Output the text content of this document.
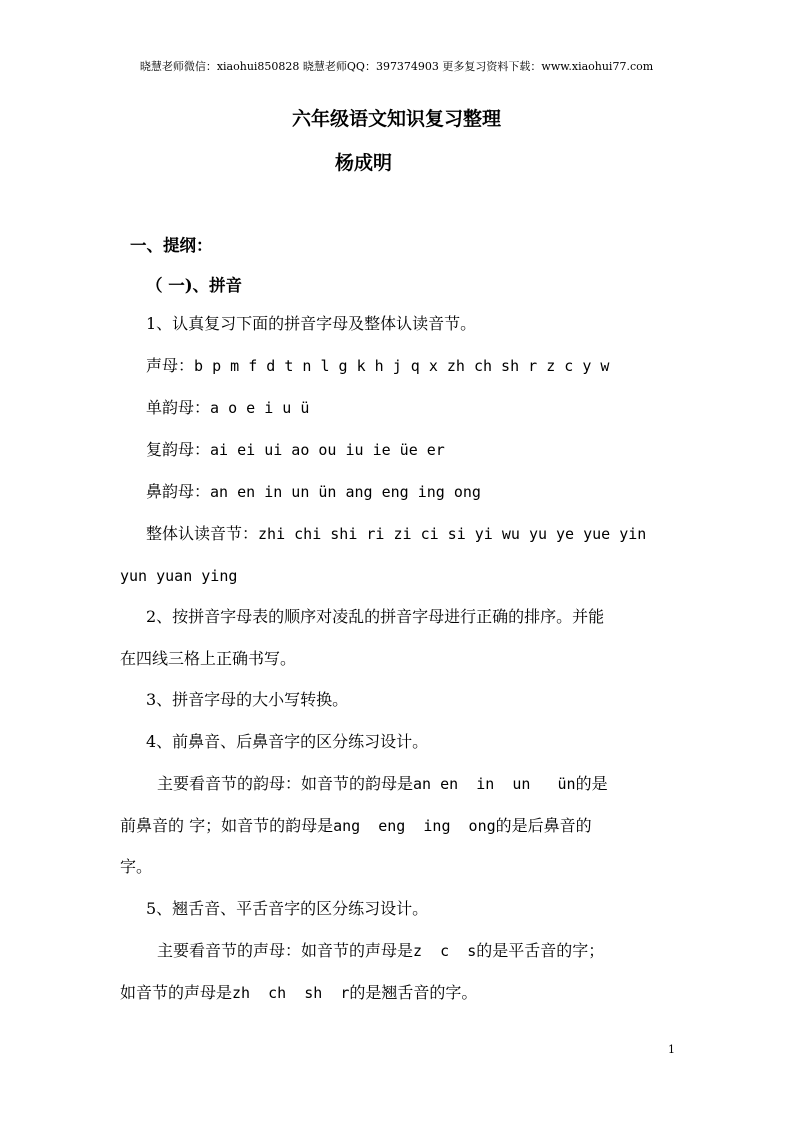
晓慧老师微信：xiaohui850828 晓慧老师QQ：397374903 更多复习资料下载：www.xiaohui77.com
六年级语文知识复习整理
杨成明
一、提纲：
（ 一)、拼音
1、认真复习下面的拼音字母及整体认读音节。
声母：b p m f d t n l g k h j q x zh ch sh r z c y w
单韵母：a o e i u ü
复韵母：ai ei ui ao ou iu ie üe er
鼻韵母：an en in un ün ang eng ing ong
整体认读音节：zhi chi shi ri zi ci si yi wu yu ye yue yin
yun yuan ying
2、按拼音字母表的顺序对凌乱的拼音字母进行正确的排序。并能
在四线三格上正确书写。
3、拼音字母的大小写转换。
4、前鼻音、后鼻音字的区分练习设计。
主要看音节的韵母：如音节的韵母是an en  in  un   ün的是
前鼻音的 字；如音节的韵母是ang  eng  ing  ong的是后鼻音的
字。
5、翘舌音、平舌音字的区分练习设计。
主要看音节的声母：如音节的声母是z  c  s的是平舌音的字；
如音节的声母是zh  ch  sh  r的是翘舌音的字。
1
